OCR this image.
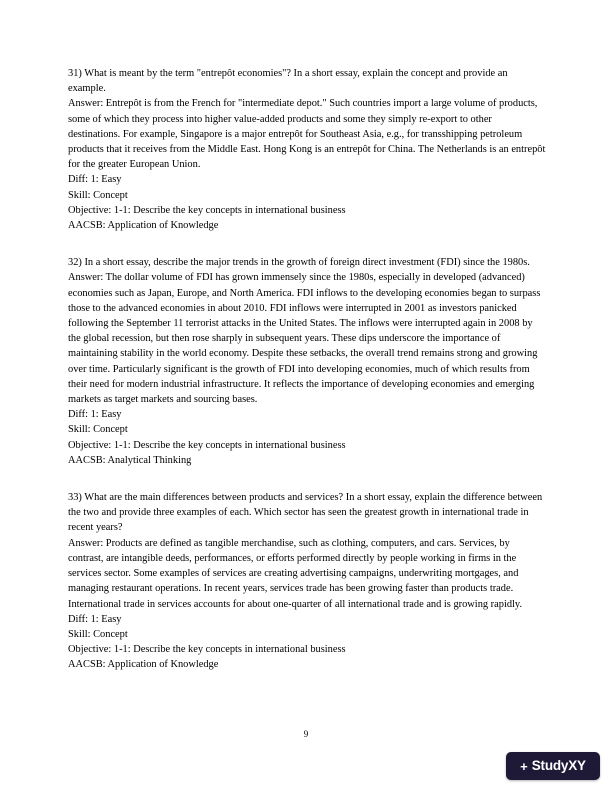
31) What is meant by the term "entrepôt economies"? In a short essay, explain the concept and provide an example.

Answer: Entrepôt is from the French for "intermediate depot." Such countries import a large volume of products, some of which they process into higher value-added products and some they simply re-export to other destinations. For example, Singapore is a major entrepôt for Southeast Asia, e.g., for transshipping petroleum products that it receives from the Middle East. Hong Kong is an entrepôt for China. The Netherlands is an entrepôt for the greater European Union.

Diff: 1: Easy
Skill: Concept
Objective: 1-1: Describe the key concepts in international business
AACSB: Application of Knowledge

32) In a short essay, describe the major trends in the growth of foreign direct investment (FDI) since the 1980s.

Answer: The dollar volume of FDI has grown immensely since the 1980s, especially in developed (advanced) economies such as Japan, Europe, and North America. FDI inflows to the developing economies began to surpass those to the advanced economies in about 2010. FDI inflows were interrupted in 2001 as investors panicked following the September 11 terrorist attacks in the United States. The inflows were interrupted again in 2008 by the global recession, but then rose sharply in subsequent years. These dips underscore the importance of maintaining stability in the world economy. Despite these setbacks, the overall trend remains strong and growing over time. Particularly significant is the growth of FDI into developing economies, much of which results from their need for modern industrial infrastructure. It reflects the importance of developing economies and emerging markets as target markets and sourcing bases.

Diff: 1: Easy
Skill: Concept
Objective: 1-1: Describe the key concepts in international business
AACSB: Analytical Thinking

33) What are the main differences between products and services? In a short essay, explain the difference between the two and provide three examples of each. Which sector has seen the greatest growth in international trade in recent years?

Answer: Products are defined as tangible merchandise, such as clothing, computers, and cars. Services, by contrast, are intangible deeds, performances, or efforts performed directly by people working in firms in the services sector. Some examples of services are creating advertising campaigns, underwriting mortgages, and managing restaurant operations. In recent years, services trade has been growing faster than products trade. International trade in services accounts for about one-quarter of all international trade and is growing rapidly.

Diff: 1: Easy
Skill: Concept
Objective: 1-1: Describe the key concepts in international business
AACSB: Application of Knowledge
9
+ StudyXY
